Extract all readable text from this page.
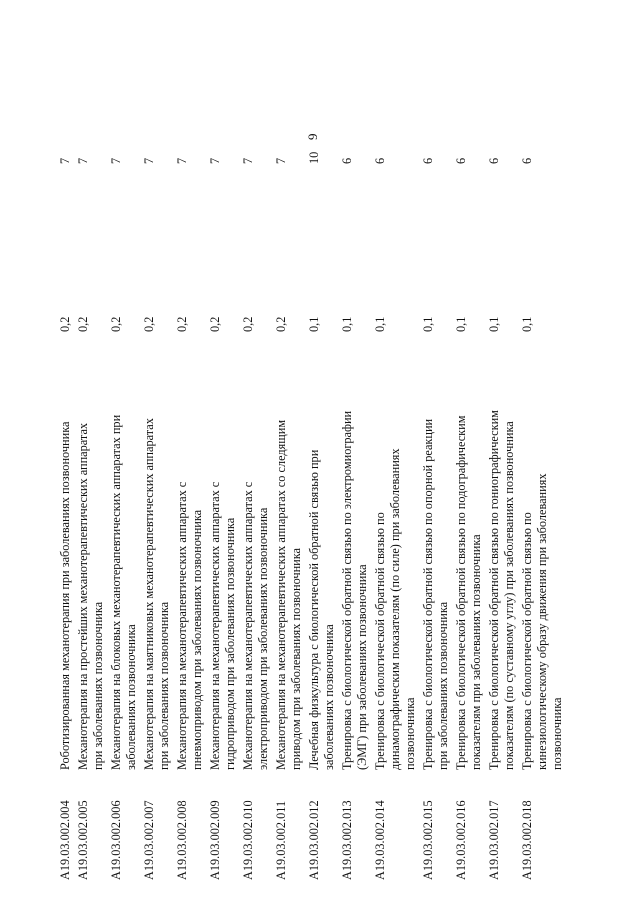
9
A19.03.002.004
Роботизированная механотерапия при заболеваниях позвоночника
0,2
7
A19.03.002.005
Механотерапия на простейших механотерапевтических аппаратах при заболеваниях позвоночника
0,2
7
A19.03.002.006
Механотерапия на блоковых механотерапевтических аппаратах при заболеваниях позвоночника
0,2
7
A19.03.002.007
Механотерапия на маятниковых механотерапевтических аппаратах при заболеваниях позвоночника
0,2
7
A19.03.002.008
Механотерапия на механотерапевтических аппаратах с пневмоприводом при заболеваниях позвоночника
0,2
7
A19.03.002.009
Механотерапия на механотерапевтических аппаратах с гидроприводом при заболеваниях позвоночника
0,2
7
A19.03.002.010
Механотерапия на механотерапевтических аппаратах с электроприводом при заболеваниях позвоночника
0,2
7
A19.03.002.011
Механотерапия на механотерапевтических аппаратах со следящим приводом при заболеваниях позвоночника
0,2
7
A19.03.002.012
Лечебная физкультура с биологической обратной связью при заболеваниях позвоночника
0,1
10
A19.03.002.013
Тренировка с биологической обратной связью по электромиографии (ЭМГ) при заболеваниях позвоночника
0,1
6
A19.03.002.014
Тренировка с биологической обратной связью по динамографическим показателям (по силе) при заболеваниях позвоночника
0,1
6
A19.03.002.015
Тренировка с биологической обратной связью по опорной реакции при заболеваниях позвоночника
0,1
6
A19.03.002.016
Тренировка с биологической обратной связью по подографическим показателям при заболеваниях позвоночника
0,1
6
A19.03.002.017
Тренировка с биологической обратной связью по гониографическим показателям (по суставному углу) при заболеваниях позвоночника
0,1
6
A19.03.002.018
Тренировка с биологической обратной связью по кинезиологическому образу движения при заболеваниях позвоночника
0,1
6
